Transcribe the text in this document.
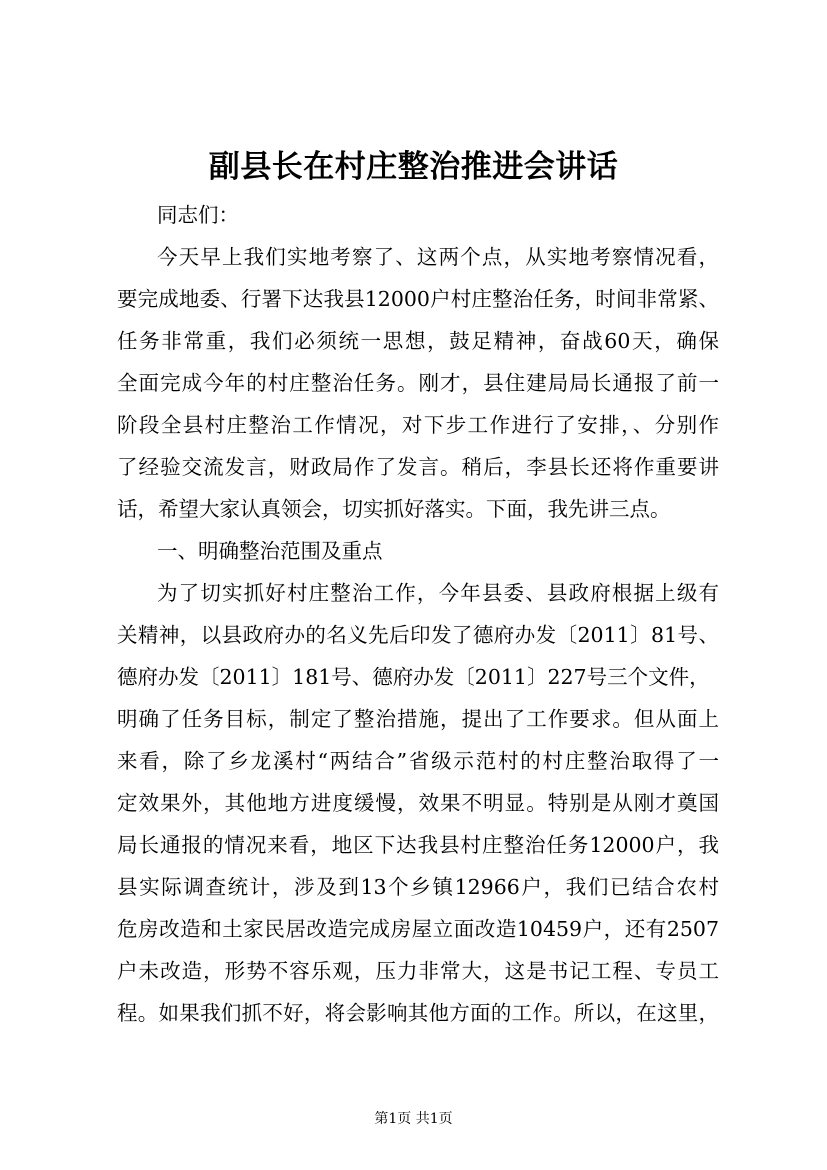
副县长在村庄整治推进会讲话
同志们：
今天早上我们实地考察了、这两个点，从实地考察情况看，
要完成地委、行署下达我县12000户村庄整治任务，时间非常紧、
任务非常重，我们必须统一思想，鼓足精神，奋战60天，确保
全面完成今年的村庄整治任务。刚才，县住建局局长通报了前一
阶段全县村庄整治工作情况，对下步工作进行了安排，、分别作
了经验交流发言，财政局作了发言。稍后，李县长还将作重要讲
话，希望大家认真领会，切实抓好落实。下面，我先讲三点。
一、明确整治范围及重点
为了切实抓好村庄整治工作，今年县委、县政府根据上级有
关精神，以县政府办的名义先后印发了德府办发〔2011〕81号、
德府办发〔2011〕181号、德府办发〔2011〕227号三个文件，
明确了任务目标，制定了整治措施，提出了工作要求。但从面上
来看，除了乡龙溪村“两结合”省级示范村的村庄整治取得了一
定效果外，其他地方进度缓慢，效果不明显。特别是从刚才奠国
局长通报的情况来看，地区下达我县村庄整治任务12000户，我
县实际调查统计，涉及到13个乡镇12966户，我们已结合农村
危房改造和土家民居改造完成房屋立面改造10459户，还有2507
户未改造，形势不容乐观，压力非常大，这是书记工程、专员工
程。如果我们抓不好，将会影响其他方面的工作。所以，在这里，
第1页 共1页
